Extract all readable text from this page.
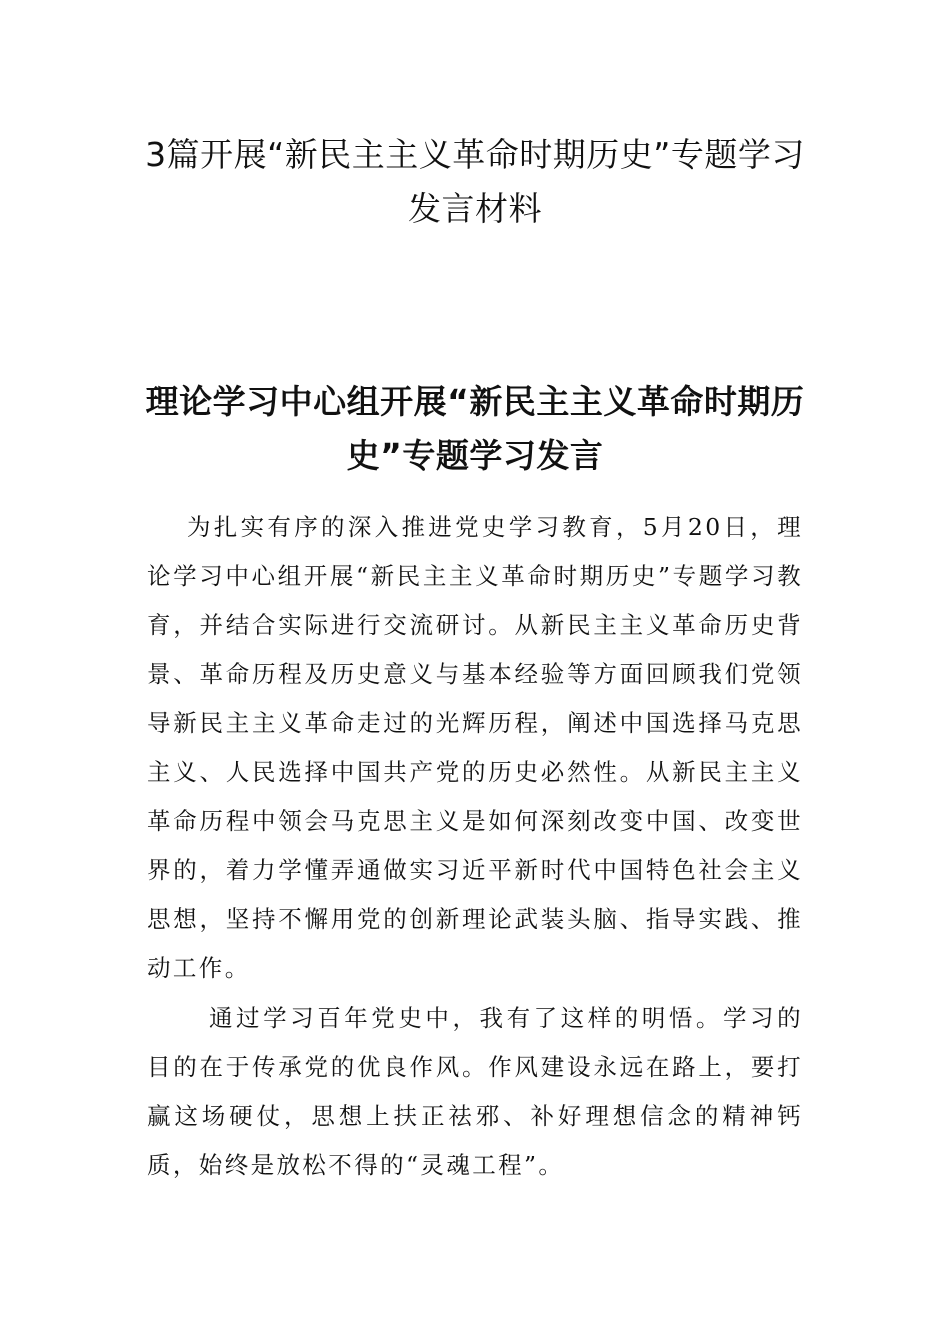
3篇开展“新民主主义革命时期历史”专题学习发言材料
理论学习中心组开展“新民主主义革命时期历史”专题学习发言

为扎实有序的深入推进党史学习教育，5月20日，理论学习中心组开展“新民主主义革命时期历史”专题学习教育，并结合实际进行交流研讨。从新民主主义革命历史背景、革命历程及历史意义与基本经验等方面回顾我们党领导新民主主义革命走过的光辉历程，阐述中国选择马克思主义、人民选择中国共产党的历史必然性。从新民主主义革命历程中领会马克思主义是如何深刻改变中国、改变世界的，着力学懂弄通做实习近平新时代中国特色社会主义思想，坚持不懈用党的创新理论武装头脑、指导实践、推动工作。

通过学习百年党史中，我有了这样的明悟。学习的目的在于传承党的优良作风。作风建设永远在路上，要打赢这场硬仗，思想上扶正祛邪、补好理想信念的精神钙质，始终是放松不得的“灵魂工程”。
